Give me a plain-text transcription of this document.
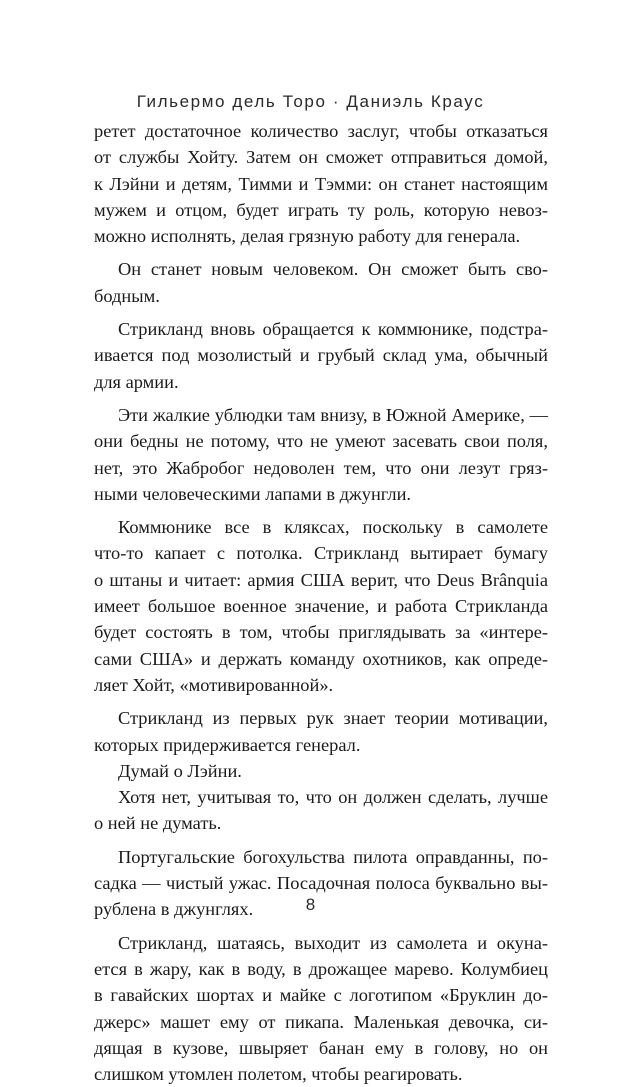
Гильермо дель Торо · Даниэль Краус
ретет достаточное количество заслуг, чтобы отказаться
от службы Хойту. Затем он сможет отправиться домой,
к Лэйни и детям, Тимми и Тэмми: он станет настоящим
мужем и отцом, будет играть ту роль, которую невоз-
можно исполнять, делая грязную работу для генерала.
Он станет новым человеком. Он сможет быть сво-
бодным.
Стрикланд вновь обращается к коммюнике, подстра-
ивается под мозолистый и грубый склад ума, обычный
для армии.
Эти жалкие ублюдки там внизу, в Южной Америке, —
они бедны не потому, что не умеют засевать свои поля,
нет, это Жабробог недоволен тем, что они лезут гряз-
ными человеческими лапами в джунгли.
Коммюнике все в кляксах, поскольку в самолете
что-то капает с потолка. Стрикланд вытирает бумагу
о штаны и читает: армия США верит, что Deus Brânquia
имеет большое военное значение, и работа Стрикланда
будет состоять в том, чтобы приглядывать за «интере-
сами США» и держать команду охотников, как опреде-
ляет Хойт, «мотивированной».
Стрикланд из первых рук знает теории мотивации,
которых придерживается генерал.
Думай о Лэйни.
Хотя нет, учитывая то, что он должен сделать, лучше
о ней не думать.
Португальские богохульства пилота оправданны, по-
садка — чистый ужас. Посадочная полоса буквально вы-
рублена в джунглях.
Стрикланд, шатаясь, выходит из самолета и окуна-
ется в жару, как в воду, в дрожащее марево. Колумбиец
в гавайских шортах и майке с логотипом «Бруклин до-
джерс» машет ему от пикапа. Маленькая девочка, си-
дящая в кузове, швыряет банан ему в голову, но он
слишком утомлен полетом, чтобы реагировать.
8
